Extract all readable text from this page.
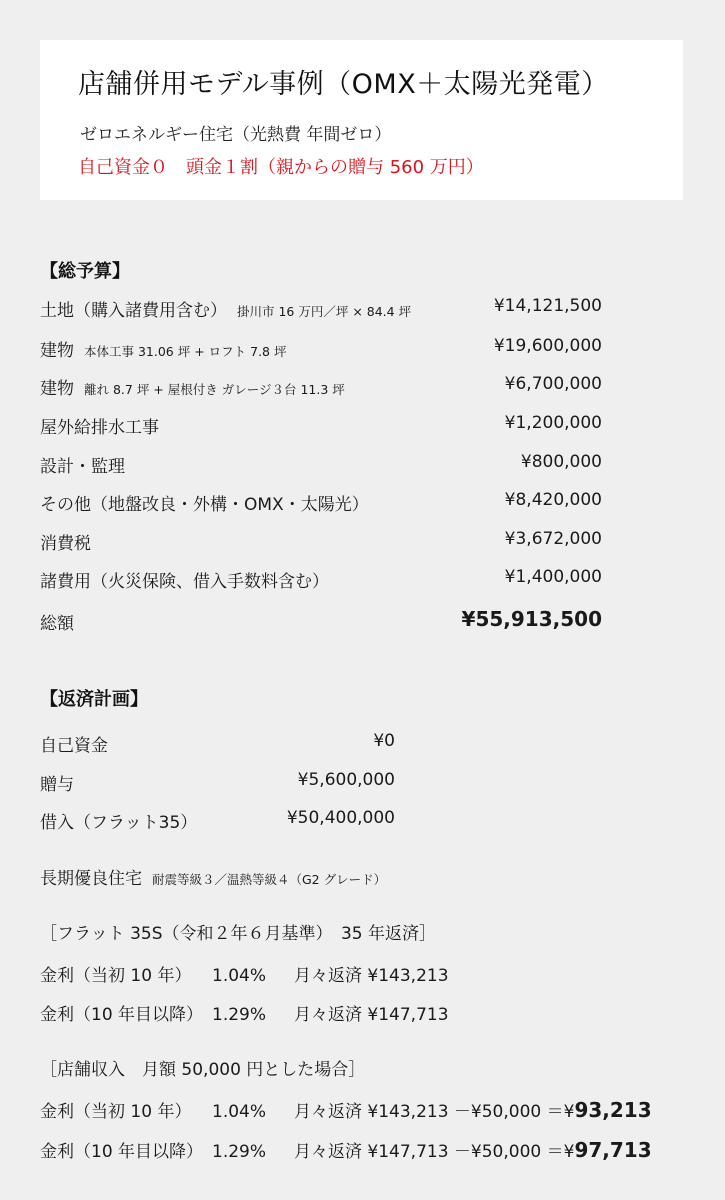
店舗併用モデル事例（OMX＋太陽光発電）
ゼロエネルギー住宅（光熱費 年間ゼロ）
自己資金０　頭金１割（親からの贈与 560 万円）
【総予算】
土地（購入諸費用含む） 掛川市 16 万円／坪 × 84.4 坪	¥14,121,500
建物 本体工事 31.06 坪 + ロフト 7.8 坪	¥19,600,000
建物 離れ 8.7 坪 + 屋根付き ガレージ３台 11.3 坪	¥6,700,000
屋外給排水工事	¥1,200,000
設計・監理	¥800,000
その他（地盤改良・外構・OMX・太陽光）	¥8,420,000
消費税	¥3,672,000
諸費用（火災保険、借入手数料含む）	¥1,400,000
総額	¥55,913,500
【返済計画】
自己資金	¥0
贈与	¥5,600,000
借入（フラット35）	¥50,400,000
長期優良住宅 耐震等級３／温熱等級４（G2 グレード）
［フラット 35S（令和２年６月基準）　35 年返済］
金利（当初 10 年） 1.04% 月々返済 ¥143,213
金利（10 年目以降） 1.29% 月々返済 ¥147,713
［店舗収入　月額 50,000 円とした場合］
金利（当初 10 年） 1.04% 月々返済 ¥143,213 －¥50,000 ＝¥93,213
金利（10 年目以降） 1.29% 月々返済 ¥147,713 －¥50,000 ＝¥97,713
